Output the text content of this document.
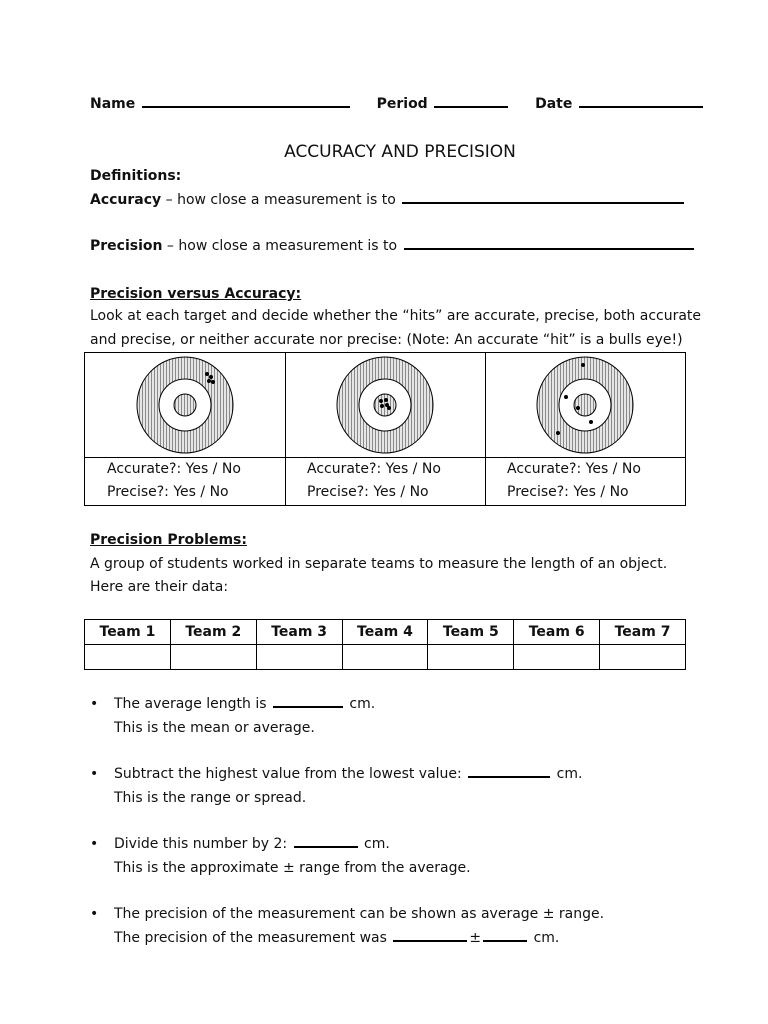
Name	Period	Date
ACCURACY AND PRECISION
Definitions:
Accuracy – how close a measurement is to
Precision – how close a measurement is to
Precision versus Accuracy:
Look at each target and decide whether the “hits” are accurate, precise, both accurate
and precise, or neither accurate nor precise: (Note: An accurate “hit” is a bulls eye!)
Accurate?: Yes / No
Precise?: Yes / No
Accurate?: Yes / No
Precise?: Yes / No
Accurate?: Yes / No
Precise?: Yes / No
Precision Problems:
A group of students worked in separate teams to measure the length of an object.
Here are their data:
Team 1	Team 2	Team 3	Team 4	Team 5	Team 6	Team 7

• The average length is	cm.
This is the mean or average.
• Subtract the highest value from the lowest value:	cm.
This is the range or spread.
• Divide this number by 2:	cm.
This is the approximate ± range from the average.
• The precision of the measurement can be shown as average ± range.
The precision of the measurement was	±	cm.
